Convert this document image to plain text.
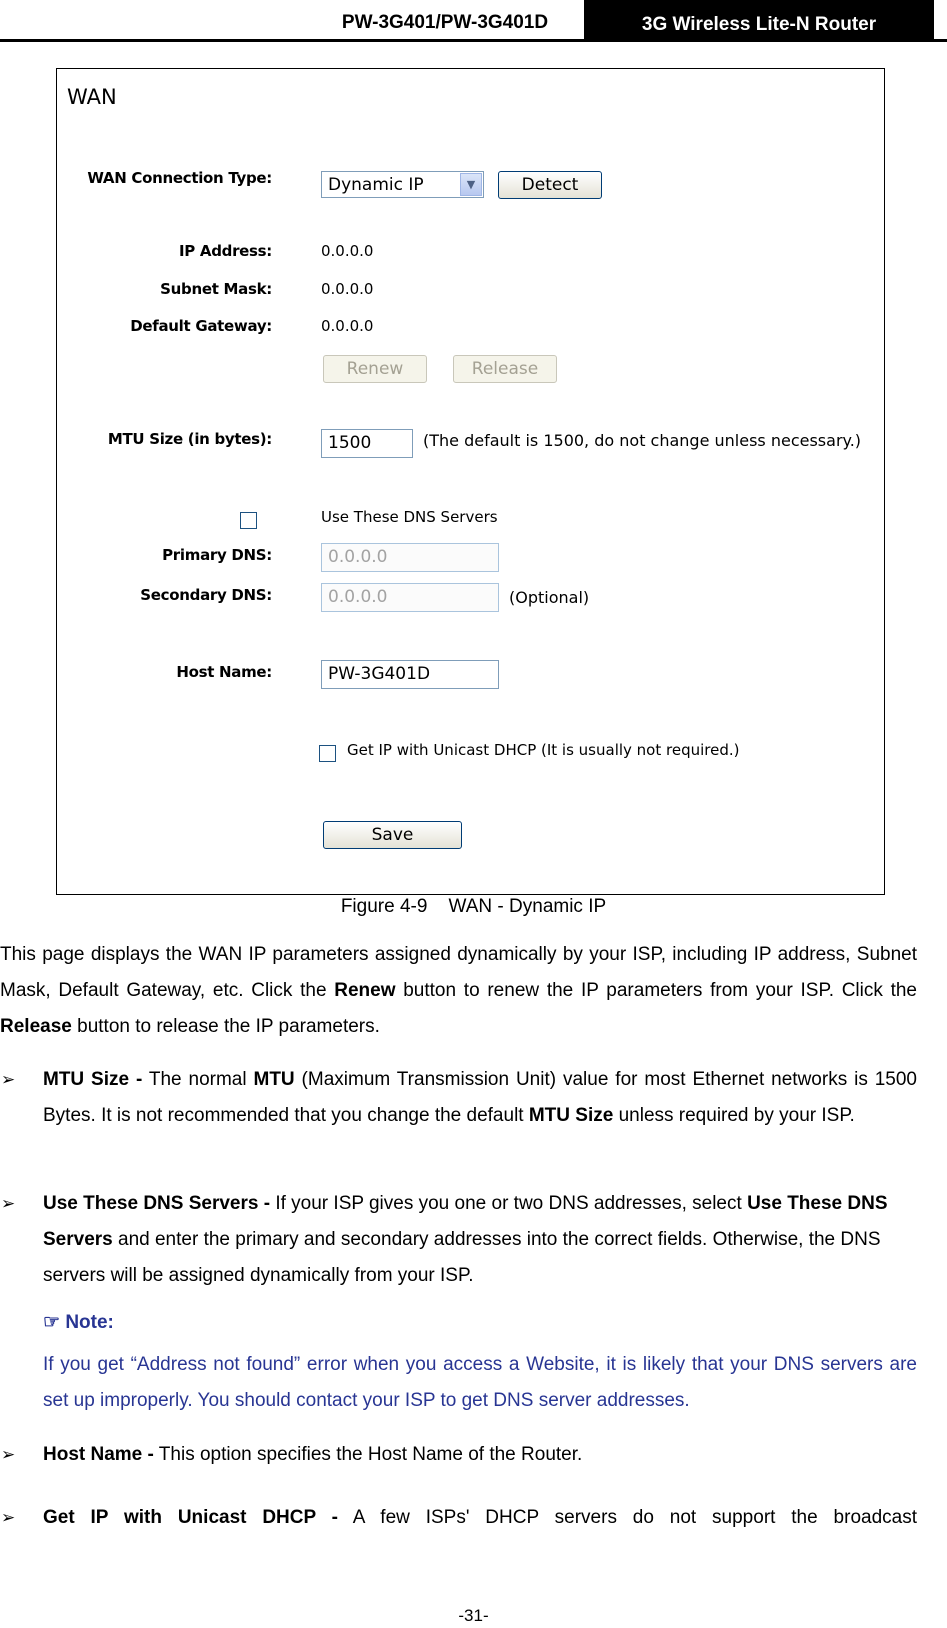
PW-3G401/PW-3G401D	3G Wireless Lite-N Router
WAN
WAN Connection Type:	Dynamic IP	▼	Detect
IP Address:	0.0.0.0
Subnet Mask:	0.0.0.0
Default Gateway:	0.0.0.0
Renew	Release
MTU Size (in bytes):	1500	(The default is 1500, do not change unless necessary.)
Use These DNS Servers
Primary DNS:	0.0.0.0
Secondary DNS:	0.0.0.0	(Optional)
Host Name:	PW-3G401D
Get IP with Unicast DHCP (It is usually not required.)
Save
Figure 4-9    WAN - Dynamic IP
This page displays the WAN IP parameters assigned dynamically by your ISP, including IP address, Subnet Mask, Default Gateway, etc. Click the Renew button to renew the IP parameters from your ISP. Click the Release button to release the IP parameters.
➢ MTU Size - The normal MTU (Maximum Transmission Unit) value for most Ethernet networks is 1500 Bytes. It is not recommended that you change the default MTU Size unless required by your ISP.
➢ Use These DNS Servers - If your ISP gives you one or two DNS addresses, select Use These DNS Servers and enter the primary and secondary addresses into the correct fields. Otherwise, the DNS servers will be assigned dynamically from your ISP.
☞ Note:
If you get “Address not found” error when you access a Website, it is likely that your DNS servers are set up improperly. You should contact your ISP to get DNS server addresses.
➢ Host Name - This option specifies the Host Name of the Router.
➢ Get IP with Unicast DHCP - A few ISPs' DHCP servers do not support the broadcast
-31-
